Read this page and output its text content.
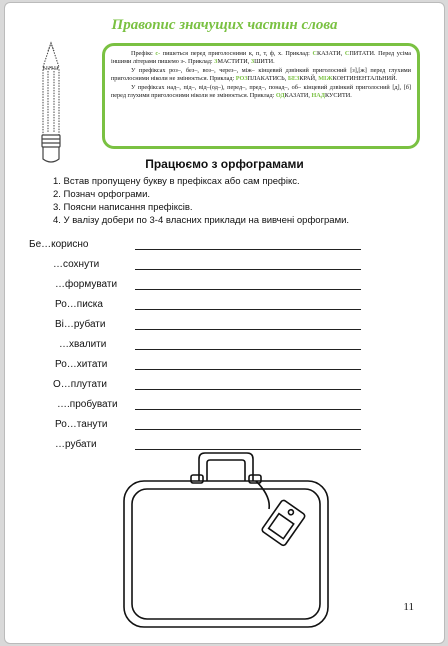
Правопис значущих частин слова

Префікс с- пишеться перед приголосними к, п, т, ф, х. Приклад: СКАЗАТИ, СПИТАТИ. Перед усіма іншими літерами пишемо з-. Приклад: ЗМАСТИТИ, ЗШИТИ.

У префіксах роз–, без–, воз–, через–, між– кінцевий дзвінкий приголосний [з],[ж] перед глухими приголосними ніколи не змінюється. Приклад: РОЗПЛАКАТИСЬ, БЕЗКРАЙ, МІЖКОНТИНЕНТАЛЬНИЙ.

У префіксах над–, під–, від–(од–), перед–, пред–, понад–, об– кінцевий дзвінкий приголосний [д], [б] перед глухими приголосними ніколи не змінюється. Приклад: ОДКАЗАТИ, НАДКУСИТИ.

Працюємо з орфограмами
1. Встав пропущену букву в префіксах або сам префікс.
2. Познач орфограми.
3. Поясни написання префіксів.
4. У валізу добери по 3-4 власних приклади на вивчені орфограми.
Бе…корисно
…сохнути
…формувати
Ро…писка
Ві…рубати
…хвалити
Ро…хитати
О…плутати
….пробувати
Ро…танути
…рубати
11
